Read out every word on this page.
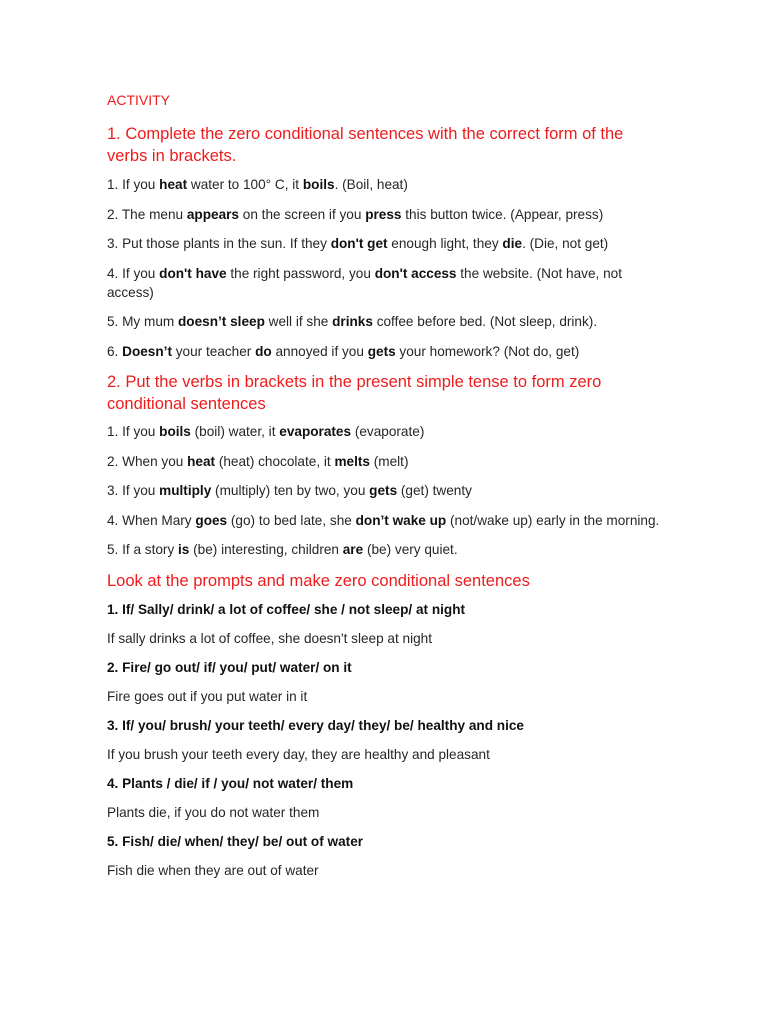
ACTIVITY
1. Complete the zero conditional sentences with the correct form of the verbs in brackets.

1. If you heat water to 100° C, it boils. (Boil, heat)

2. The menu appears on the screen if you press this button twice. (Appear, press)

3. Put those plants in the sun. If they don't get enough light, they die. (Die, not get)

4. If you don't have the right password, you don't access the website. (Not have, not access)

5. My mum doesn’t sleep well if she drinks coffee before bed. (Not sleep, drink).

6. Doesn’t your teacher do annoyed if you gets your homework? (Not do, get)

2. Put the verbs in brackets in the present simple tense to form zero conditional sentences

1. If you boils (boil) water, it evaporates (evaporate)

2. When you heat (heat) chocolate, it melts (melt)

3. If you multiply (multiply) ten by two, you gets (get) twenty

4. When Mary goes (go) to bed late, she don’t wake up (not/wake up) early in the morning.

5. If a story is (be) interesting, children are (be) very quiet.

Look at the prompts and make zero conditional sentences

1. If/ Sally/ drink/ a lot of coffee/ she / not sleep/ at night

If sally drinks a lot of coffee, she doesn't sleep at night

2. Fire/ go out/ if/ you/ put/ water/ on it

Fire goes out if you put water in it

3. If/ you/ brush/ your teeth/ every day/ they/ be/ healthy and nice

If you brush your teeth every day, they are healthy and pleasant

4. Plants / die/ if / you/ not water/ them

Plants die, if you do not water them

5. Fish/ die/ when/ they/ be/ out of water

Fish die when they are out of water
